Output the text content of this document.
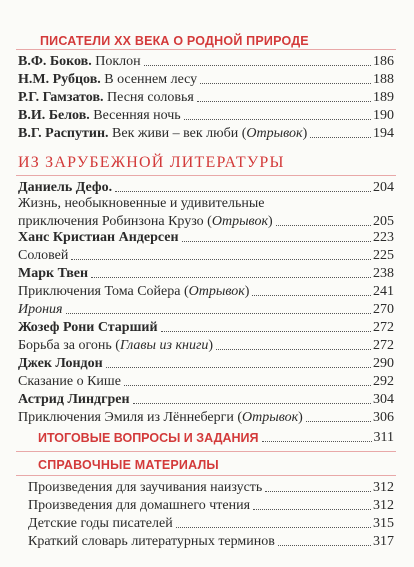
ПИСАТЕЛИ ХХ ВЕКА О РОДНОЙ ПРИРОДЕ
В.Ф. Боков. Поклон	186
Н.М. Рубцов. В осеннем лесу	188
Р.Г. Гамзатов. Песня соловья	189
В.И. Белов. Весенняя ночь	190
В.Г. Распутин. Век живи – век люби (Отрывок)	194
ИЗ ЗАРУБЕЖНОЙ ЛИТЕРАТУРЫ
Даниель Дефо.	204
Жизнь, необыкновенные и удивительные
приключения Робинзона Крузо (Отрывок)	205
Ханс Кристиан Андерсен	223
Соловей	225
Марк Твен	238
Приключения Тома Сойера (Отрывок)	241
Ирония	270
Жозеф Рони Старший	272
Борьба за огонь (Главы из книги)	272
Джек Лондон	290
Сказание о Кише	292
Астрид Линдгрен	304
Приключения Эмиля из Лённеберги (Отрывок)	306
ИТОГОВЫЕ ВОПРОСЫ И ЗАДАНИЯ	311
СПРАВОЧНЫЕ МАТЕРИАЛЫ
Произведения для заучивания наизусть	312
Произведения для домашнего чтения	312
Детские годы писателей	315
Краткий словарь литературных терминов	317
